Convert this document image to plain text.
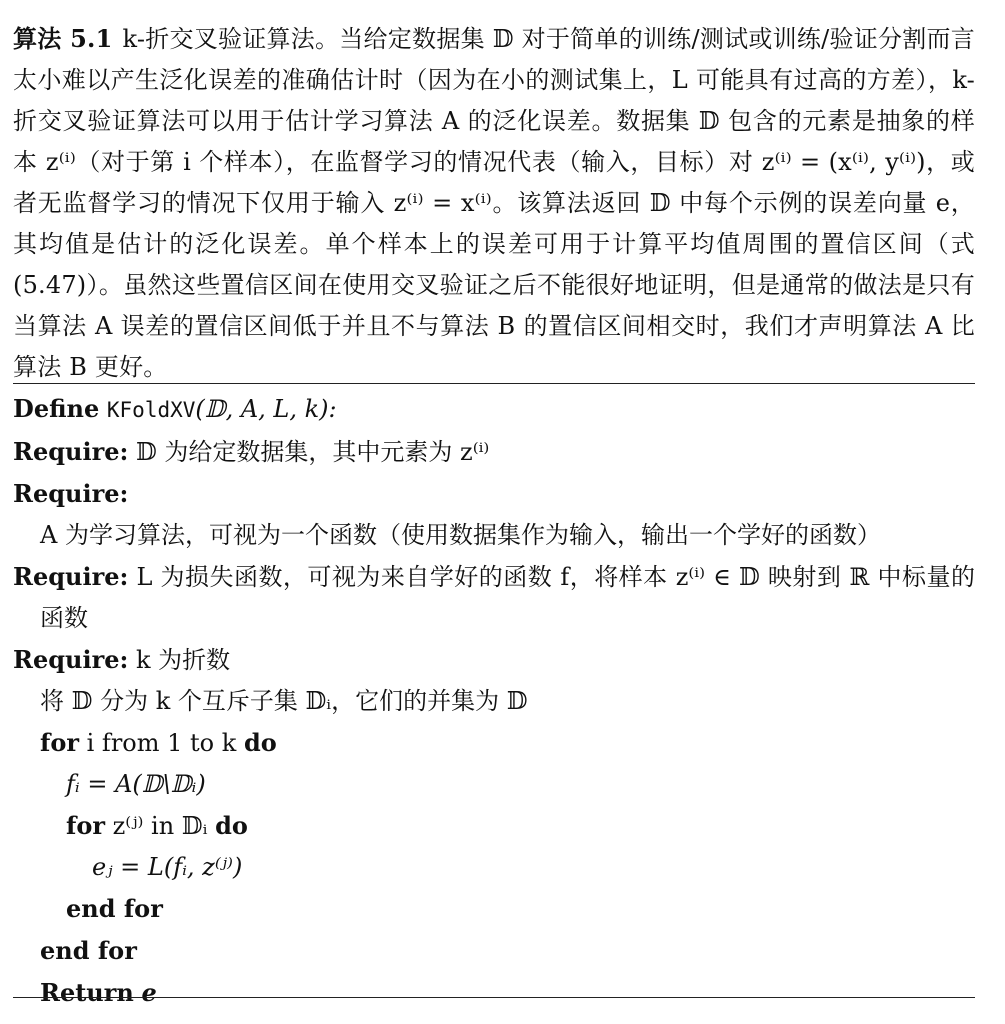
算法 5.1 k-折交叉验证算法。当给定数据集 𝔻 对于简单的训练/测试或训练/验证分割而言太小难以产生泛化误差的准确估计时（因为在小的测试集上，L 可能具有过高的方差），k-折交叉验证算法可以用于估计学习算法 A 的泛化误差。数据集 𝔻 包含的元素是抽象的样本 z⁽ⁱ⁾（对于第 i 个样本），在监督学习的情况代表（输入，目标）对 z⁽ⁱ⁾ = (x⁽ⁱ⁾, y⁽ⁱ⁾)，或者无监督学习的情况下仅用于输入 z⁽ⁱ⁾ = x⁽ⁱ⁾。该算法返回 𝔻 中每个示例的误差向量 e，其均值是估计的泛化误差。单个样本上的误差可用于计算平均值周围的置信区间（式 (5.47)）。虽然这些置信区间在使用交叉验证之后不能很好地证明，但是通常的做法是只有当算法 A 误差的置信区间低于并且不与算法 B 的置信区间相交时，我们才声明算法 A 比算法 B 更好。
Define KFoldXV(𝔻, A, L, k):
Require: 𝔻 为给定数据集，其中元素为 z⁽ⁱ⁾
Require: A 为学习算法，可视为一个函数（使用数据集作为输入，输出一个学好的函数）
Require: L 为损失函数，可视为来自学好的函数 f，将样本 z⁽ⁱ⁾ ∈ 𝔻 映射到 ℝ 中标量的函数
Require: k 为折数
将 𝔻 分为 k 个互斥子集 𝔻ᵢ，它们的并集为 𝔻
for i from 1 to k do
fᵢ = A(𝔻\𝔻ᵢ)
for z⁽ʲ⁾ in 𝔻ᵢ do
eⱼ = L(fᵢ, z⁽ʲ⁾)
end for
end for
Return e
